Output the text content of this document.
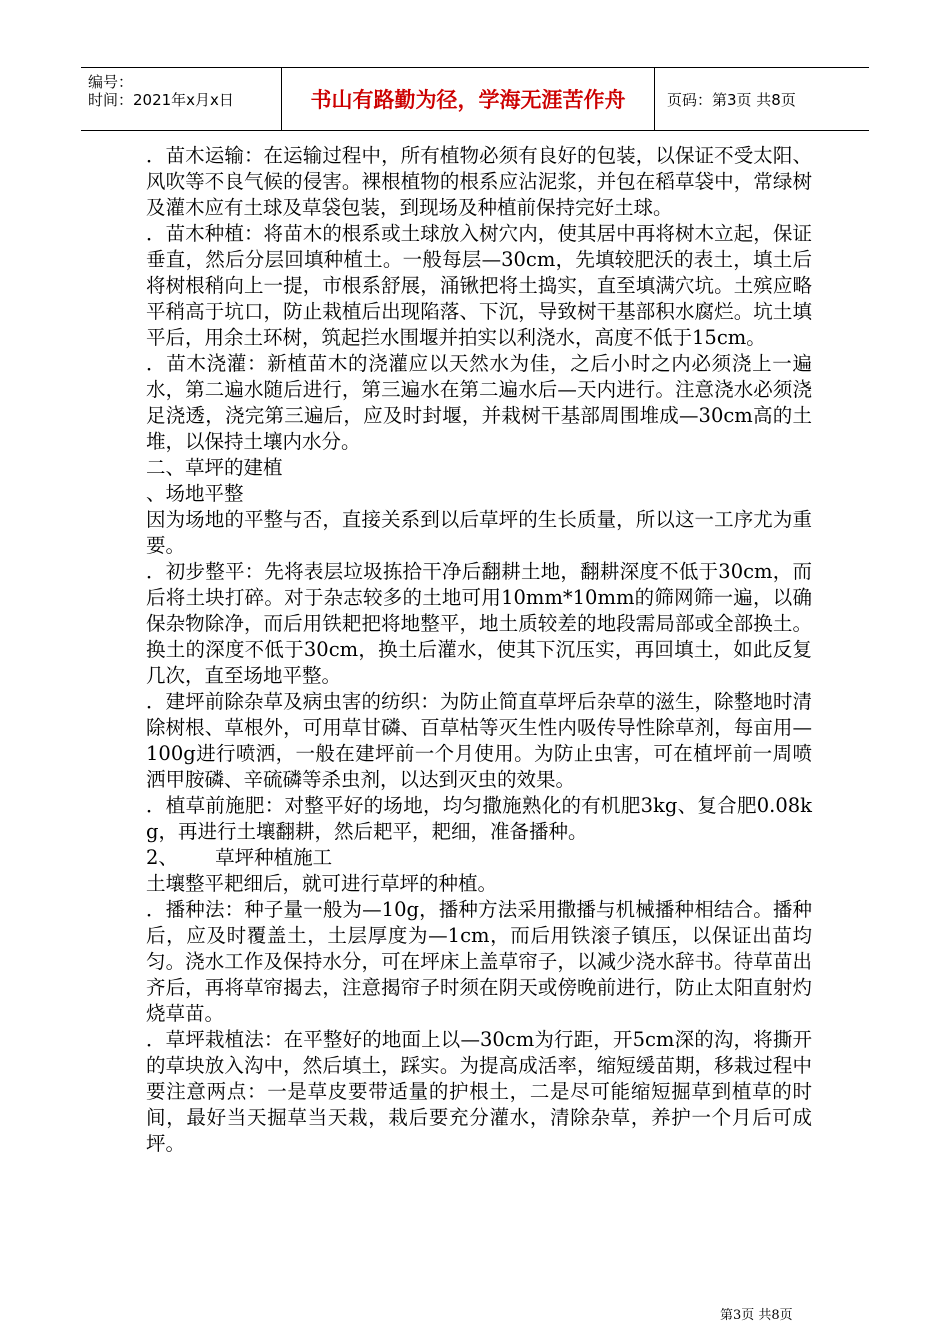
编号：
时间：2021年x月x日	书山有路勤为径，学海无涯苦作舟	页码：第3页 共8页

．苗木运输：在运输过程中，所有植物必须有良好的包装，以保证不受太阳、风吹等不良气候的侵害。裸根植物的根系应沾泥浆，并包在稻草袋中，常绿树及灌木应有土球及草袋包装，到现场及种植前保持完好土球。

．苗木种植：将苗木的根系或土球放入树穴内，使其居中再将树木立起，保证垂直，然后分层回填种植土。一般每层—30cm，先填较肥沃的表土，填土后将树根稍向上一提，市根系舒展，涌锹把将土捣实，直至填满穴坑。土殡应略平稍高于坑口，防止栽植后出现陷落、下沉，导致树干基部积水腐烂。坑土填平后，用余土环树，筑起拦水围堰并拍实以利浇水，高度不低于15cm。

．苗木浇灌：新植苗木的浇灌应以天然水为佳，之后小时之内必须浇上一遍水，第二遍水随后进行，第三遍水在第二遍水后—天内进行。注意浇水必须浇足浇透，浇完第三遍后，应及时封堰，并栽树干基部周围堆成—30cm高的土堆，以保持土壤内水分。

二、草坪的建植

、场地平整

因为场地的平整与否，直接关系到以后草坪的生长质量，所以这一工序尤为重要。

．初步整平：先将表层垃圾拣拾干净后翻耕土地，翻耕深度不低于30cm，而后将土块打碎。对于杂志较多的土地可用10mm*10mm的筛网筛一遍，以确保杂物除净，而后用铁耙把将地整平，地土质较差的地段需局部或全部换土。换土的深度不低于30cm，换土后灌水，使其下沉压实，再回填土，如此反复几次，直至场地平整。

．建坪前除杂草及病虫害的纺织：为防止简直草坪后杂草的滋生，除整地时清除树根、草根外，可用草甘磷、百草枯等灭生性内吸传导性除草剂，每亩用—100g进行喷洒，一般在建坪前一个月使用。为防止虫害，可在植坪前一周喷洒甲胺磷、辛硫磷等杀虫剂，以达到灭虫的效果。

．植草前施肥：对整平好的场地，均匀撒施熟化的有机肥3kg、复合肥0.08kg，再进行土壤翻耕，然后耙平，耙细，准备播种。

2、      草坪种植施工

土壤整平耙细后，就可进行草坪的种植。

．播种法：种子量一般为—10g，播种方法采用撒播与机械播种相结合。播种后，应及时覆盖土，土层厚度为—1cm，而后用铁滚子镇压，以保证出苗均匀。浇水工作及保持水分，可在坪床上盖草帘子，以减少浇水辞书。待草苗出齐后，再将草帘揭去，注意揭帘子时须在阴天或傍晚前进行，防止太阳直射灼烧草苗。

．草坪栽植法：在平整好的地面上以—30cm为行距，开5cm深的沟，将撕开的草块放入沟中，然后填土，踩实。为提高成活率，缩短缓苗期，移栽过程中要注意两点：一是草皮要带适量的护根土，二是尽可能缩短掘草到植草的时间，最好当天掘草当天栽，栽后要充分灌水，清除杂草，养护一个月后可成坪。

第3页 共8页
